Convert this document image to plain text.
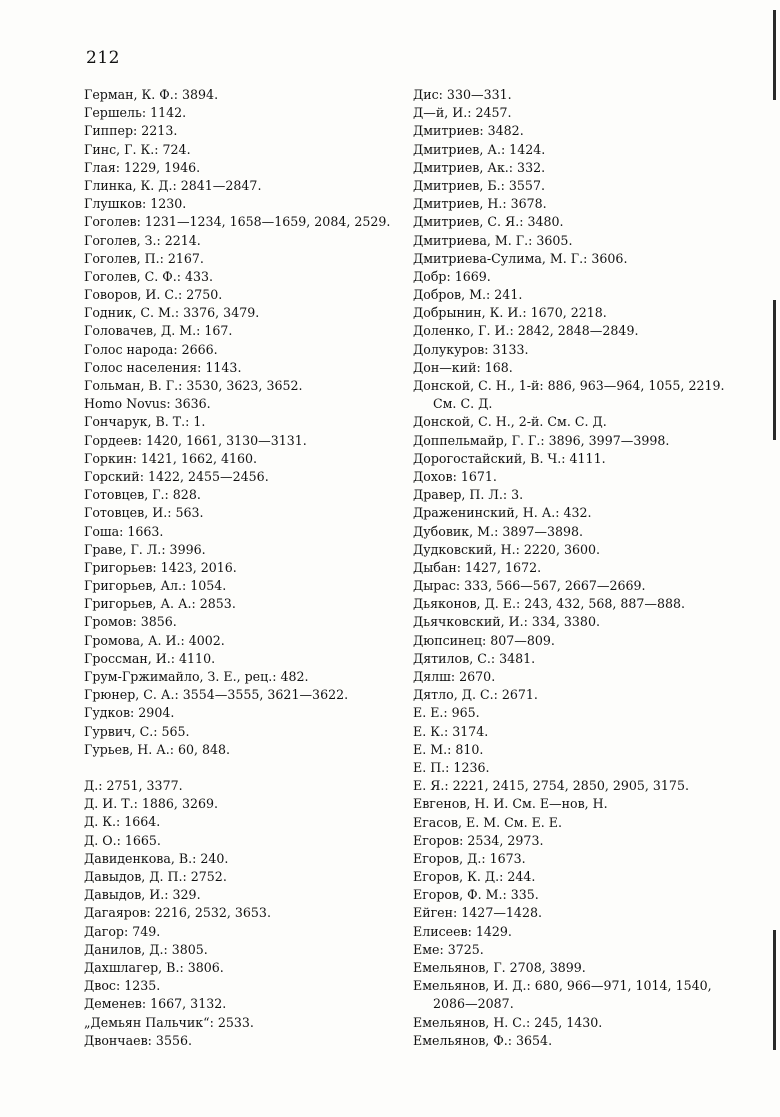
212
Герман, К. Ф.: 3894.
Гершель: 1142.
Гиппер: 2213.
Гинс, Г. К.: 724.
Глая: 1229, 1946.
Глинка, К. Д.: 2841—2847.
Глушков: 1230.
Гоголев: 1231—1234, 1658—1659, 2084, 2529.
Гоголев, З.: 2214.
Гоголев, П.: 2167.
Гоголев, С. Ф.: 433.
Говоров, И. С.: 2750.
Годник, С. М.: 3376, 3479.
Головачев, Д. М.: 167.
Голос народа: 2666.
Голос населения: 1143.
Гольман, В. Г.: 3530, 3623, 3652.
Homo Novus: 3636.
Гончарук, В. Т.: 1.
Гордеев: 1420, 1661, 3130—3131.
Горкин: 1421, 1662, 4160.
Горский: 1422, 2455—2456.
Готовцев, Г.: 828.
Готовцев, И.: 563.
Гоша: 1663.
Граве, Г. Л.: 3996.
Григорьев: 1423, 2016.
Григорьев, Ал.: 1054.
Григорьев, А. А.: 2853.
Громов: 3856.
Громова, А. И.: 4002.
Гроссман, И.: 4110.
Грум-Гржимайло, З. Е., рец.: 482.
Грюнер, С. А.: 3554—3555, 3621—3622.
Гудков: 2904.
Гурвич, С.: 565.
Гурьев, Н. А.: 60, 848.
Д.: 2751, 3377.
Д. И. Т.: 1886, 3269.
Д. К.: 1664.
Д. О.: 1665.
Давиденкова, В.: 240.
Давыдов, Д. П.: 2752.
Давыдов, И.: 329.
Дагаяров: 2216, 2532, 3653.
Дагор: 749.
Данилов, Д.: 3805.
Дахшлагер, В.: 3806.
Двос: 1235.
Деменев: 1667, 3132.
„Демьян Пальчик“: 2533.
Двончаев: 3556.
Дис: 330—331.
Д—й, И.: 2457.
Дмитриев: 3482.
Дмитриев, А.: 1424.
Дмитриев, Ак.: 332.
Дмитриев, Б.: 3557.
Дмитриев, Н.: 3678.
Дмитриев, С. Я.: 3480.
Дмитриева, М. Г.: 3605.
Дмитриева-Сулима, М. Г.: 3606.
Добр: 1669.
Добров, М.: 241.
Добрынин, К. И.: 1670, 2218.
Доленко, Г. И.: 2842, 2848—2849.
Долукуров: 3133.
Дон—кий: 168.
Донской, С. Н., 1-й: 886, 963—964, 1055, 2219.
См. С. Д.
Донской, С. Н., 2-й. См. С. Д.
Доппельмайр, Г. Г.: 3896, 3997—3998.
Дорогостайский, В. Ч.: 4111.
Дохов: 1671.
Дравер, П. Л.: 3.
Драженинский, Н. А.: 432.
Дубовик, М.: 3897—3898.
Дудковский, Н.: 2220, 3600.
Дыбан: 1427, 1672.
Дырас: 333, 566—567, 2667—2669.
Дьяконов, Д. Е.: 243, 432, 568, 887—888.
Дьячковский, И.: 334, 3380.
Дюпсинец: 807—809.
Дятилов, С.: 3481.
Дялш: 2670.
Дятло, Д. С.: 2671.
Е. Е.: 965.
Е. К.: 3174.
Е. М.: 810.
Е. П.: 1236.
Е. Я.: 2221, 2415, 2754, 2850, 2905, 3175.
Евгенов, Н. И. См. Е—нов, Н.
Егасов, Е. М. См. Е. Е.
Егоров: 2534, 2973.
Егоров, Д.: 1673.
Егоров, К. Д.: 244.
Егоров, Ф. М.: 335.
Ейген: 1427—1428.
Елисеев: 1429.
Еме: 3725.
Емельянов, Г. 2708, 3899.
Емельянов, И. Д.: 680, 966—971, 1014, 1540,
2086—2087.
Емельянов, Н. С.: 245, 1430.
Емельянов, Ф.: 3654.
